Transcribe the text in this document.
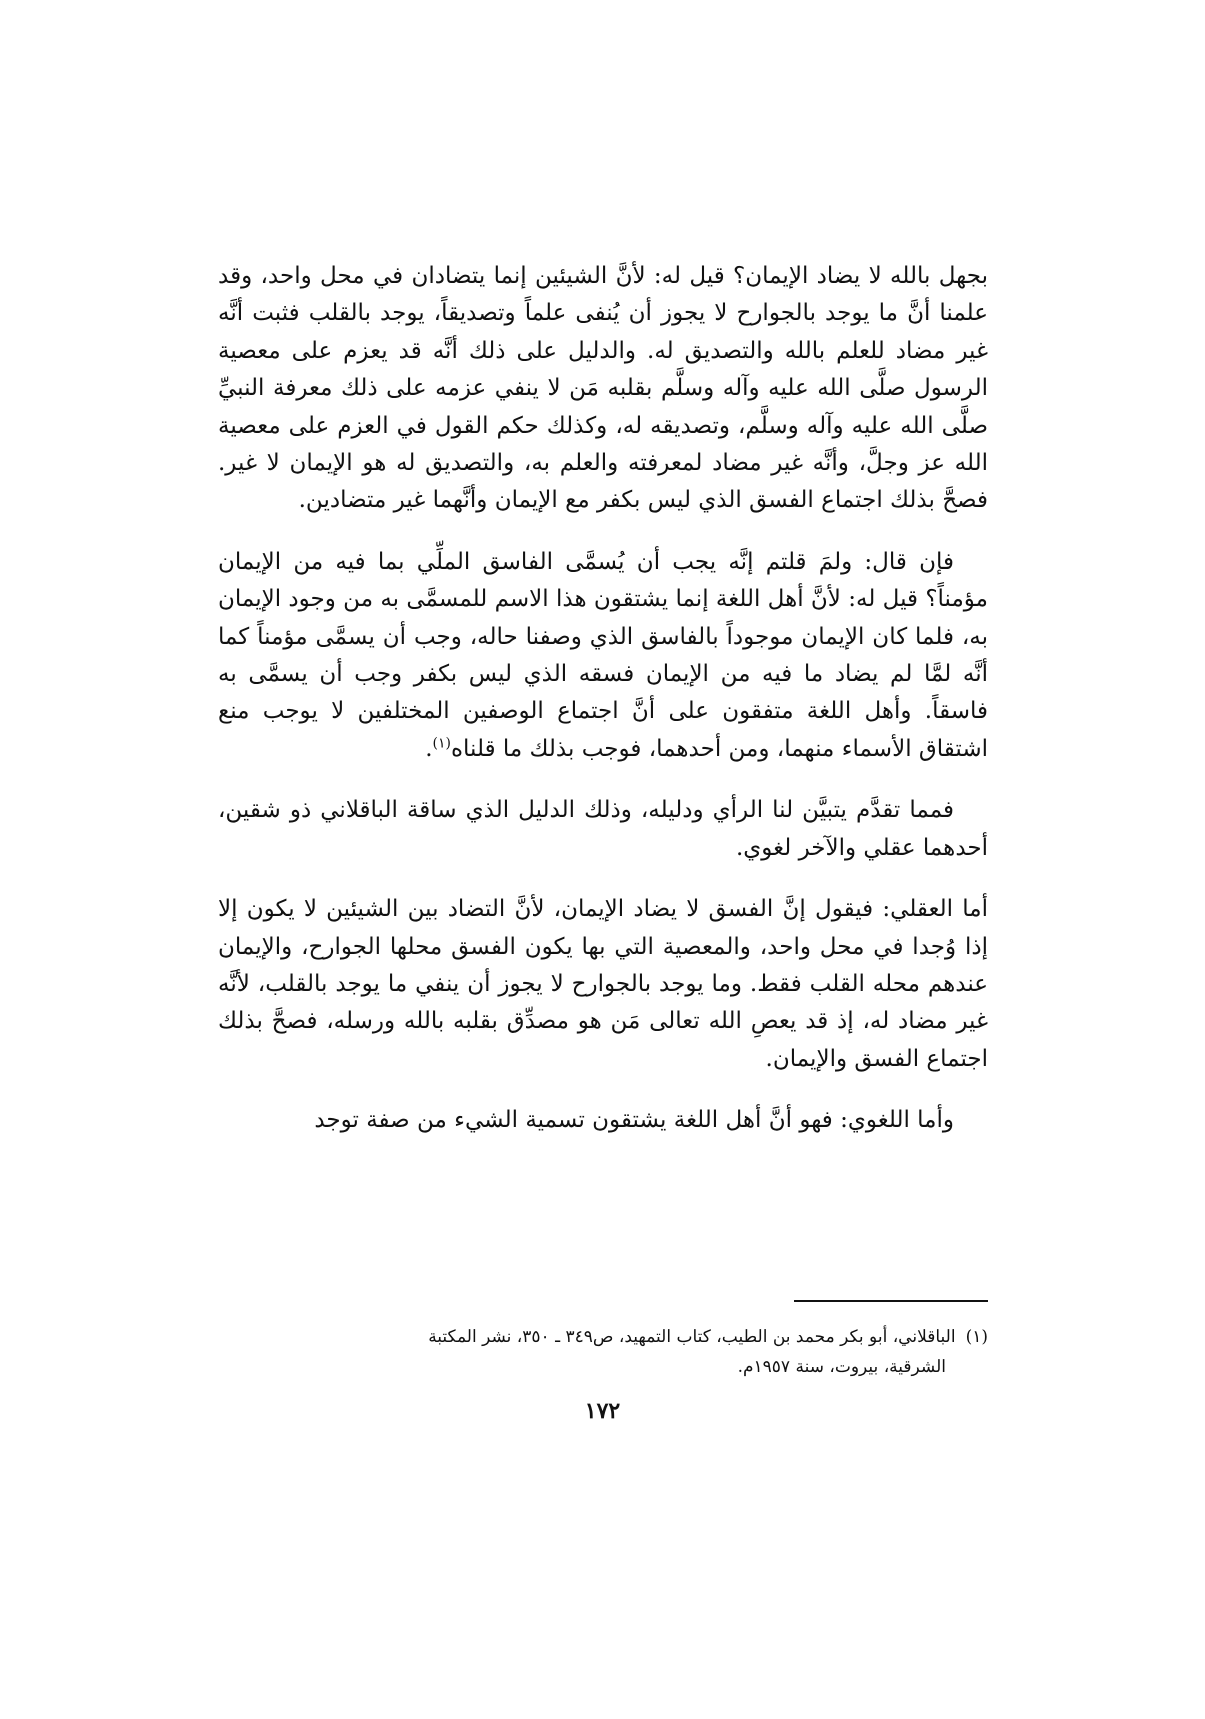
بجهل بالله لا يضاد الإيمان؟ قيل له: لأنَّ الشيئين إنما يتضادان في محل واحد، وقد علمنا أنَّ ما يوجد بالجوارح لا يجوز أن يُنفى علماً وتصديقاً، يوجد بالقلب فثبت أنَّه غير مضاد للعلم بالله والتصديق له. والدليل على ذلك أنَّه قد يعزم على معصية الرسول صلَّى الله عليه وآله وسلَّم بقلبه مَن لا ينفي عزمه على ذلك معرفة النبيِّ صلَّى الله عليه وآله وسلَّم، وتصديقه له، وكذلك حكم القول في العزم على معصية الله عز وجلَّ، وأنَّه غير مضاد لمعرفته والعلم به، والتصديق له هو الإيمان لا غير. فصحَّ بذلك اجتماع الفسق الذي ليس بكفر مع الإيمان وأنَّهما غير متضادين.

فإن قال: ولمَ قلتم إنَّه يجب أن يُسمَّى الفاسق الملِّي بما فيه من الإيمان مؤمناً؟ قيل له: لأنَّ أهل اللغة إنما يشتقون هذا الاسم للمسمَّى به من وجود الإيمان به، فلما كان الإيمان موجوداً بالفاسق الذي وصفنا حاله، وجب أن يسمَّى مؤمناً كما أنَّه لمَّا لم يضاد ما فيه من الإيمان فسقه الذي ليس بكفر وجب أن يسمَّى به فاسقاً. وأهل اللغة متفقون على أنَّ اجتماع الوصفين المختلفين لا يوجب منع اشتقاق الأسماء منهما، ومن أحدهما، فوجب بذلك ما قلناه$^{(١)}$.

فمما تقدَّم يتبيَّن لنا الرأي ودليله، وذلك الدليل الذي ساقة الباقلاني ذو شقين، أحدهما عقلي والآخر لغوي.

أما العقلي: فيقول إنَّ الفسق لا يضاد الإيمان، لأنَّ التضاد بين الشيئين لا يكون إلا إذا وُجدا في محل واحد، والمعصية التي بها يكون الفسق محلها الجوارح، والإيمان عندهم محله القلب فقط. وما يوجد بالجوارح لا يجوز أن ينفي ما يوجد بالقلب، لأنَّه غير مضاد له، إذ قد يعصِ الله تعالى مَن هو مصدِّق بقلبه بالله ورسله، فصحَّ بذلك اجتماع الفسق والإيمان.

وأما اللغوي: فهو أنَّ أهل اللغة يشتقون تسمية الشيء من صفة توجد

(١)الباقلاني، أبو بكر محمد بن الطيب، كتاب التمهيد، ص٣٤٩ ـ ٣٥٠، نشر المكتبة
الشرقية، بيروت، سنة ١٩٥٧م.
١٧٢
